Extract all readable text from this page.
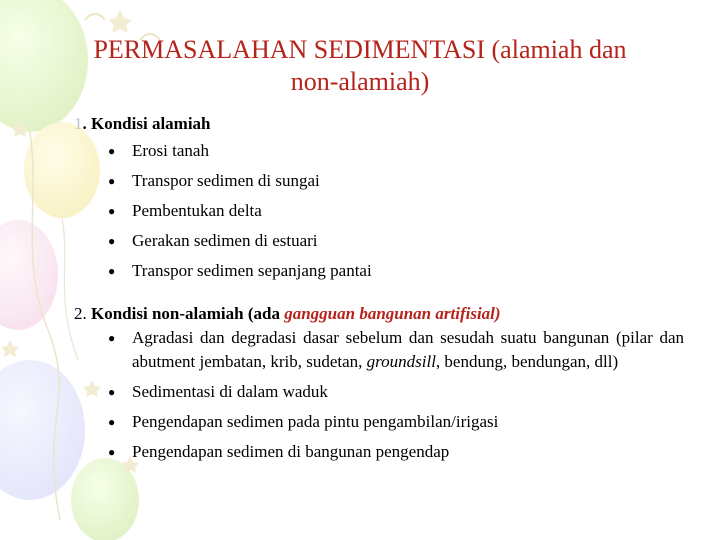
PERMASALAHAN SEDIMENTASI (alamiah dan
non-alamiah)
1. Kondisi alamiah
● Erosi tanah
● Transpor sedimen di sungai
● Pembentukan delta
● Gerakan sedimen di estuari
● Transpor sedimen sepanjang pantai
2. Kondisi non-alamiah (ada gangguan bangunan artifisial)
● Agradasi dan degradasi dasar sebelum dan sesudah suatu bangunan (pilar dan abutment jembatan, krib, sudetan, groundsill, bendung, bendungan, dll)
● Sedimentasi di dalam waduk
● Pengendapan sedimen pada pintu pengambilan/irigasi
● Pengendapan sedimen di bangunan pengendap
